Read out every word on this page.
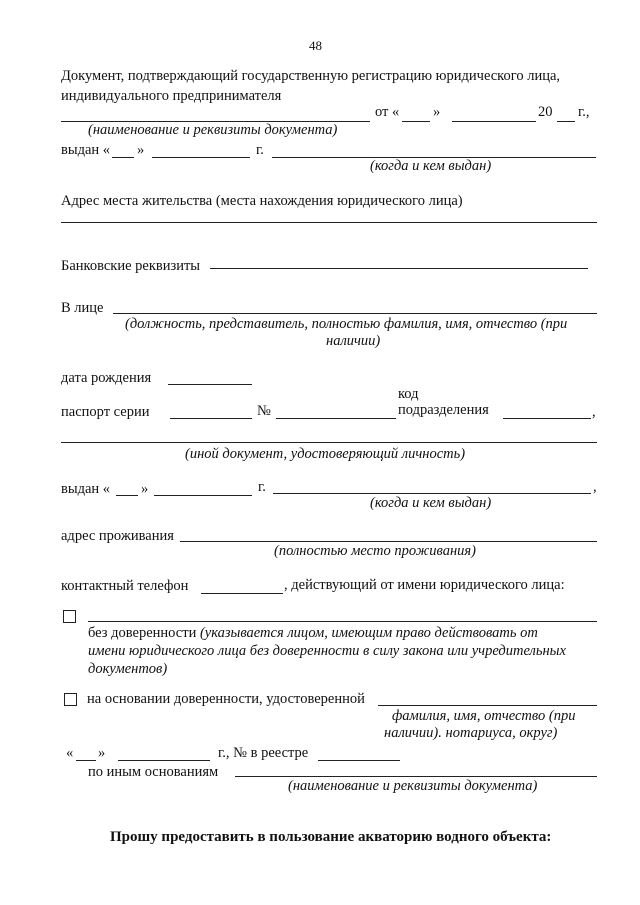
48
Документ, подтверждающий государственную регистрацию юридического лица,
индивидуального предпринимателя
от « »	20 г.,
(наименование и реквизиты документа)
выдан « »	г.
(когда и кем выдан)
Адрес места жительства (места нахождения юридического лица)
Банковские реквизиты
В лице
(должность, представитель, полностью фамилия, имя, отчество (при
наличии)
дата рождения
код
паспорт серии	№	подразделения	,
(иной документ, удостоверяющий личность)
выдан « »	г.	,
(когда и кем выдан)
адрес проживания
(полностью место проживания)
контактный телефон	, действующий от имени юридического лица:
без доверенности (указывается лицом, имеющим право действовать от
имени юридического лица без доверенности в силу закона или учредительных
документов)
на основании доверенности, удостоверенной
фамилия, имя, отчество (при
наличии). нотариуса, округ)
« »	г., № в реестре
по иным основаниям
(наименование и реквизиты документа)
Прошу предоставить в пользование акваторию водного объекта:
